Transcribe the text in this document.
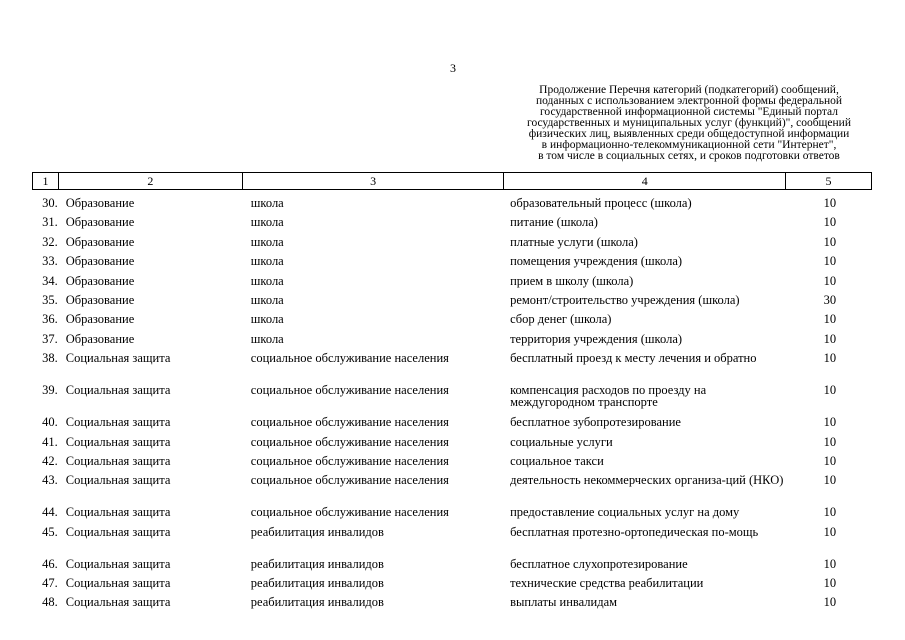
3
Продолжение Перечня категорий (подкатегорий) сообщений,
поданных с использованием электронной формы федеральной
государственной информационной системы "Единый портал
государственных и муниципальных услуг (функций)", сообщений
физических лиц, выявленных среди общедоступной информации
в информационно-телекоммуникационной сети "Интернет",
в том числе в социальных сетях, и сроков подготовки ответов
1	2	3	4	5
30.	Образование	школа	образовательный процесс (школа)	10
31.	Образование	школа	питание (школа)	10
32.	Образование	школа	платные услуги (школа)	10
33.	Образование	школа	помещения учреждения (школа)	10
34.	Образование	школа	прием в школу (школа)	10
35.	Образование	школа	ремонт/строительство учреждения (школа)	30
36.	Образование	школа	сбор денег (школа)	10
37.	Образование	школа	территория учреждения (школа)	10
38.	Социальная защита	социальное обслуживание населения	бесплатный проезд к месту лечения и обратно	10
39.	Социальная защита	социальное обслуживание населения	компенсация расходов по проезду на междугородном транспорте	10
40.	Социальная защита	социальное обслуживание населения	бесплатное зубопротезирование	10
41.	Социальная защита	социальное обслуживание населения	социальные услуги	10
42.	Социальная защита	социальное обслуживание населения	социальное такси	10
43.	Социальная защита	социальное обслуживание населения	деятельность некоммерческих организа-ций (НКО)	10
44.	Социальная защита	социальное обслуживание населения	предоставление социальных услуг на дому	10
45.	Социальная защита	реабилитация инвалидов	бесплатная протезно-ортопедическая по-мощь	10
46.	Социальная защита	реабилитация инвалидов	бесплатное слухопротезирование	10
47.	Социальная защита	реабилитация инвалидов	технические средства реабилитации	10
48.	Социальная защита	реабилитация инвалидов	выплаты инвалидам	10
